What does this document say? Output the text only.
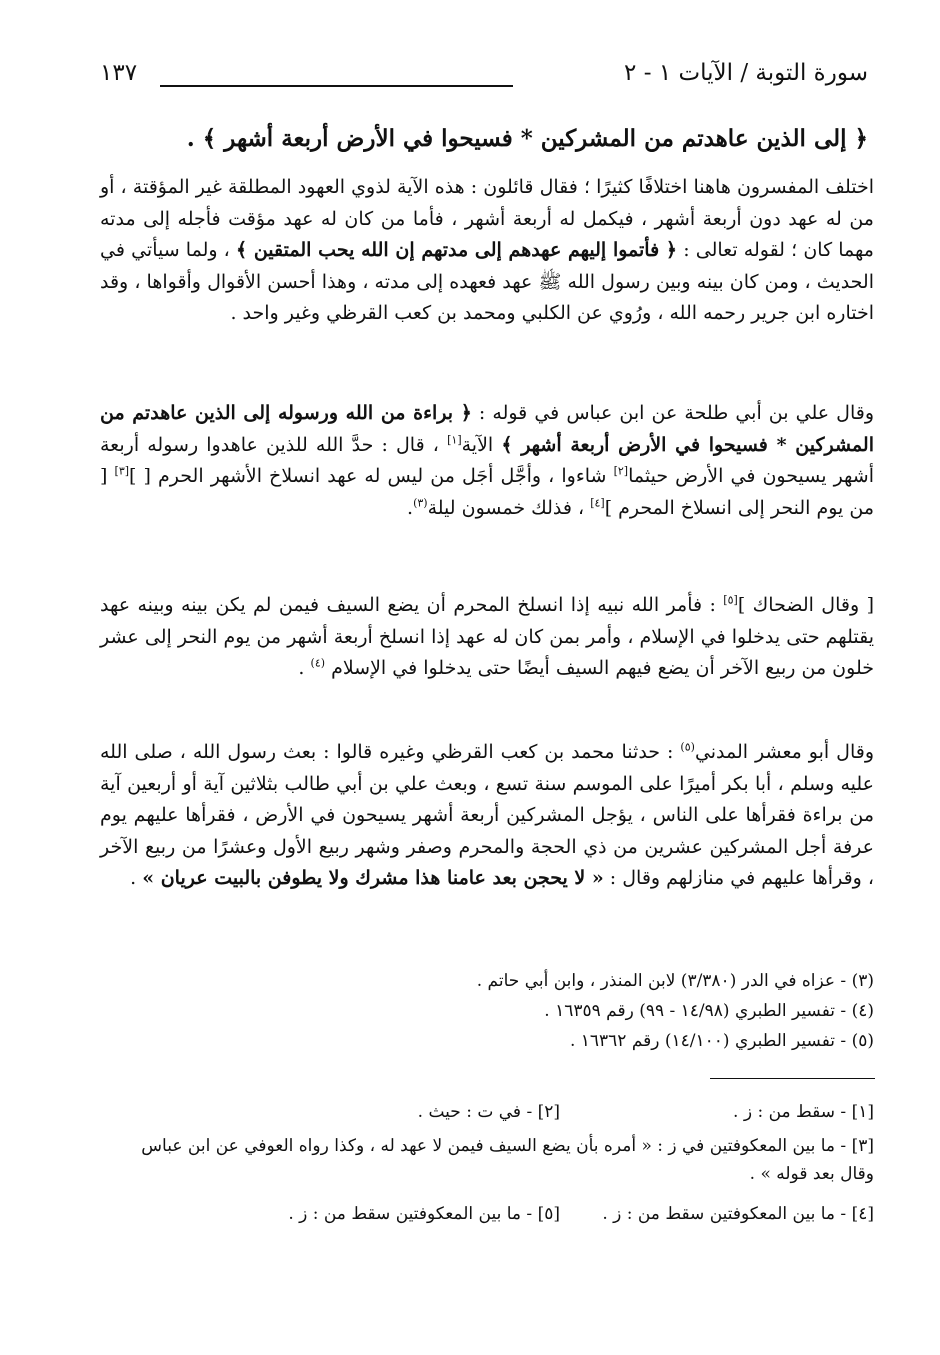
سورة التوبة / الآيات ١ - ٢
١٣٧
﴿ إلى الذين عاهدتم من المشركين * فسيحوا في الأرض أربعة أشهر ﴾ .
اختلف المفسرون هاهنا اختلافًا كثيرًا ؛ فقال قائلون : هذه الآية لذوي العهود المطلقة غير المؤقتة ، أو من له عهد دون أربعة أشهر ، فيكمل له أربعة أشهر ، فأما من كان له عهد مؤقت فأجله إلى مدته مهما كان ؛ لقوله تعالى : ﴿ فأتموا إليهم عهدهم إلى مدتهم إن الله يحب المتقين ﴾ ، ولما سيأتي في الحديث ، ومن كان بينه وبين رسول الله ﷺ عهد فعهده إلى مدته ، وهذا أحسن الأقوال وأقواها ، وقد اختاره ابن جرير رحمه الله ، ورُوي عن الكلبي ومحمد بن كعب القرظي وغير واحد .
وقال علي بن أبي طلحة عن ابن عباس في قوله : ﴿ براءة من الله ورسوله إلى الذين عاهدتم من المشركين * فسيحوا في الأرض أربعة أشهر ﴾ الآية[١] ، قال : حدَّ الله للذين عاهدوا رسوله أربعة أشهر يسيحون في الأرض حيثما[٢] شاءوا ، وأجَّل أجَل من ليس له عهد انسلاخ الأشهر الحرم [ ][٣] [ من يوم النحر إلى انسلاخ المحرم ][٤] ، فذلك خمسون ليلة$^{(٣)}$.
[ وقال الضحاك ][٥] : فأمر الله نبيه إذا انسلخ المحرم أن يضع السيف فيمن لم يكن بينه وبينه عهد يقتلهم حتى يدخلوا في الإسلام ، وأمر بمن كان له عهد إذا انسلخ أربعة أشهر من يوم النحر إلى عشر خلون من ربيع الآخر أن يضع فيهم السيف أيضًا حتى يدخلوا في الإسلام $^{(٤)}$ .
وقال أبو معشر المدني$^{(٥)}$ : حدثنا محمد بن كعب القرظي وغيره قالوا : بعث رسول الله ، صلى الله عليه وسلم ، أبا بكر أميرًا على الموسم سنة تسع ، وبعث علي بن أبي طالب بثلاثين آية أو أربعين آية من براءة فقرأها على الناس ، يؤجل المشركين أربعة أشهر يسيحون في الأرض ، فقرأها عليهم يوم عرفة أجل المشركين عشرين من ذي الحجة والمحرم وصفر وشهر ربيع الأول وعشرًا من ربيع الآخر ، وقرأها عليهم في منازلهم وقال : « لا يحجن بعد عامنا هذا مشرك ولا يطوفن بالبيت عريان » .
(٣) - عزاه في الدر (٣/٣٨٠) لابن المنذر ، وابن أبي حاتم .
(٤) - تفسير الطبري (١٤/٩٨ - ٩٩) رقم ١٦٣٥٩ .
(٥) - تفسير الطبري (١٤/١٠٠) رقم ١٦٣٦٢ .
[١] - سقط من : ز .
[٢] - في ت : حيث .
[٣] - ما بين المعكوفتين في ز : « أمره بأن يضع السيف فيمن لا عهد له ، وكذا رواه العوفي عن ابن عباس وقال بعد قوله » .
[٤] - ما بين المعكوفتين سقط من : ز .
[٥] - ما بين المعكوفتين سقط من : ز .
